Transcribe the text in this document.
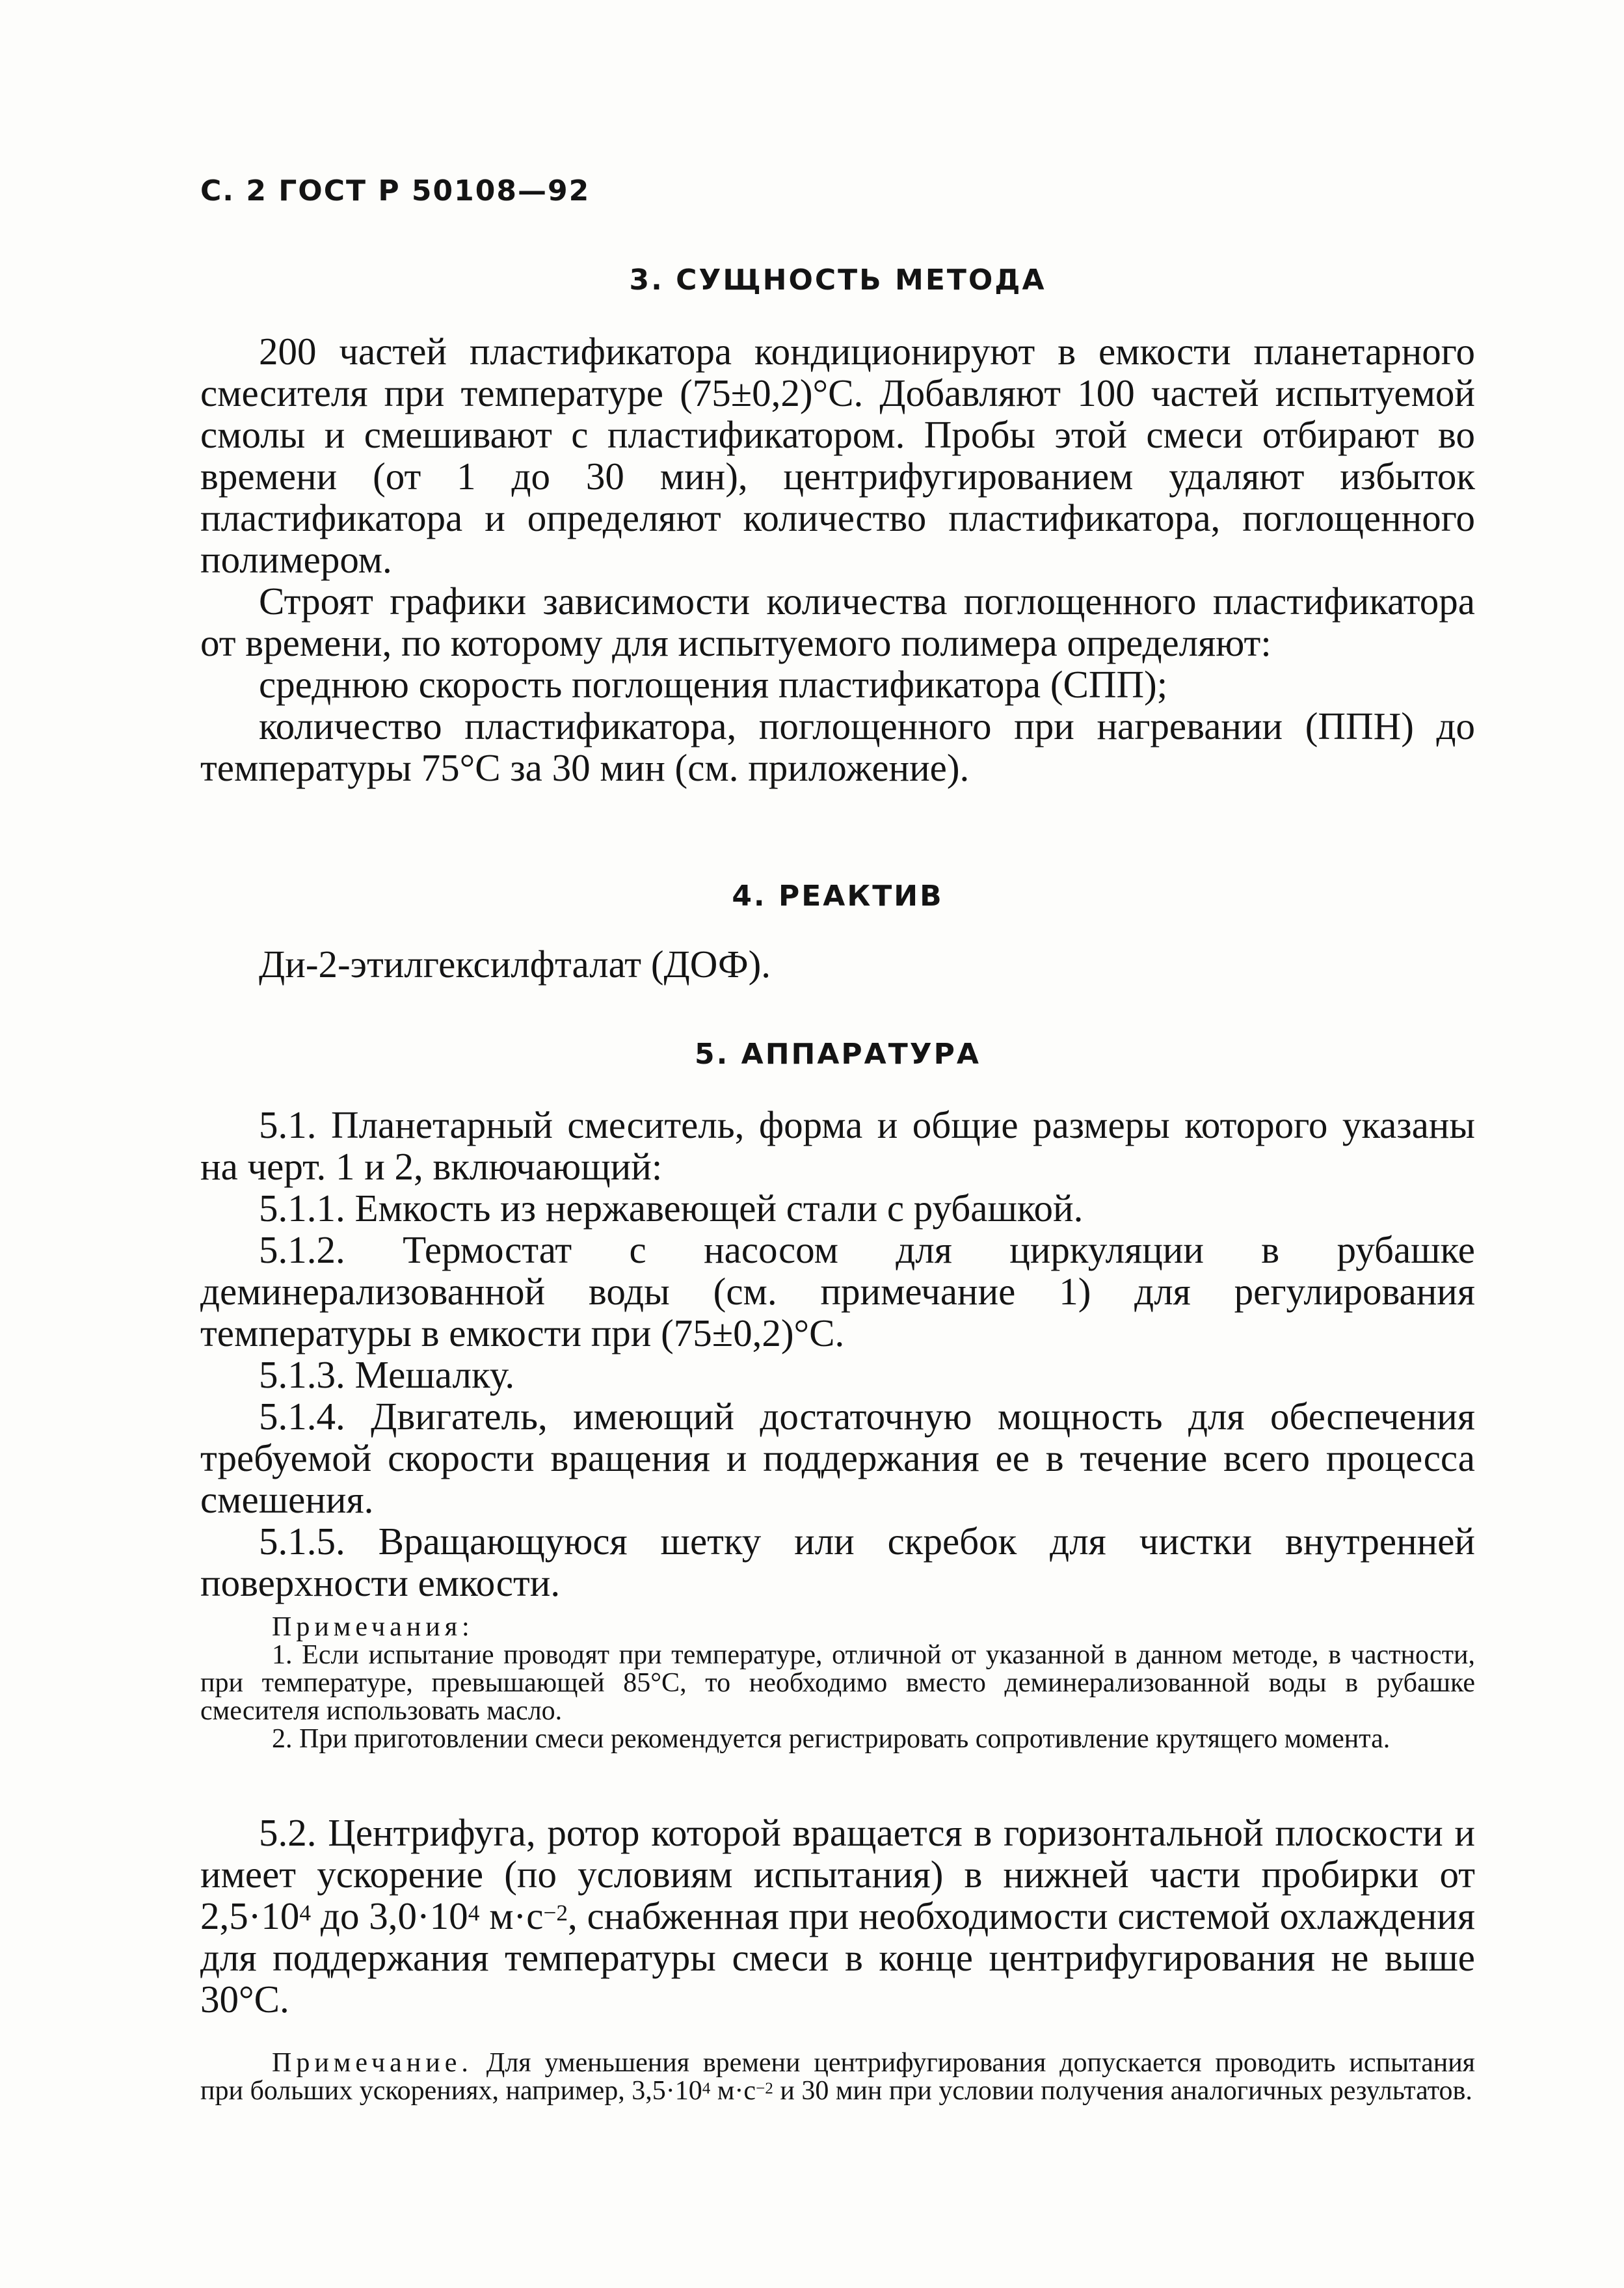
С. 2 ГОСТ Р 50108—92
3. СУЩНОСТЬ МЕТОДА

200 частей пластификатора кондиционируют в емкости планетарного смесителя при температуре (75±0,2)°С. Добавляют 100 частей испытуемой смолы и смешивают с пластификатором. Пробы этой смеси отбирают во времени (от 1 до 30 мин), центрифугированием удаляют избыток пластификатора и определяют количество пластификатора, поглощенного полимером.

Строят графики зависимости количества поглощенного пластификатора от времени, по которому для испытуемого полимера определяют:

среднюю скорость поглощения пластификатора (СПП);

количество пластификатора, поглощенного при нагревании (ППН) до температуры 75°С за 30 мин (см. приложение).

4. РЕАКТИВ

Ди-2-этилгексилфталат (ДОФ).

5. АППАРАТУРА

5.1. Планетарный смеситель, форма и общие размеры которого указаны на черт. 1 и 2, включающий:

5.1.1. Емкость из нержавеющей стали с рубашкой.

5.1.2. Термостат с насосом для циркуляции в рубашке деминерализованной воды (см. примечание 1) для регулирования температуры в емкости при (75±0,2)°С.

5.1.3. Мешалку.

5.1.4. Двигатель, имеющий достаточную мощность для обеспечения требуемой скорости вращения и поддержания ее в течение всего процесса смешения.

5.1.5. Вращающуюся шетку или скребок для чистки внутренней поверхности емкости.

Примечания:

1. Если испытание проводят при температуре, отличной от указанной в данном методе, в частности, при температуре, превышающей 85°С, то необходимо вместо деминерализованной воды в рубашке смесителя использовать масло.

2. При приготовлении смеси рекомендуется регистрировать сопротивление крутящего момента.

5.2. Центрифуга, ротор которой вращается в горизонтальной плоскости и имеет ускорение (по условиям испытания) в нижней части пробирки от $2,5\cdot 10^4$ до $3,0\cdot 10^4$ $м\cdot с^{-2}$, снабженная при необходимости системой охлаждения для поддержания температуры смеси в конце центрифугирования не выше 30°С.

Примечание. Для уменьшения времени центрифугирования допускается проводить испытания при больших ускорениях, например, $3,5\cdot 10^4$ $м\cdot с^{-2}$ и 30 мин при условии получения аналогичных результатов.
